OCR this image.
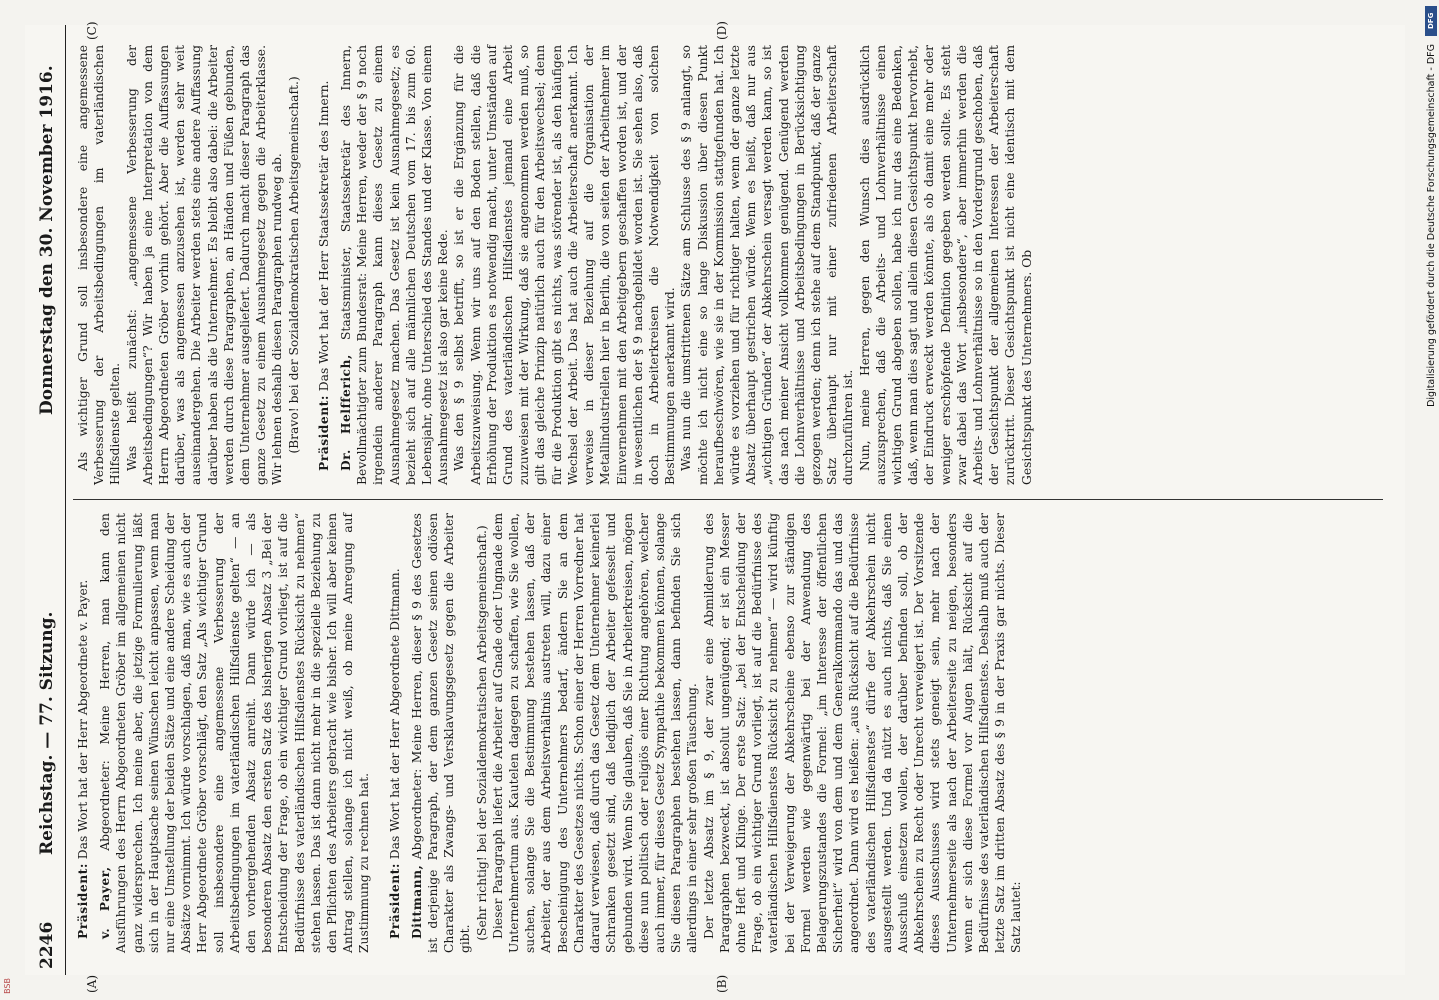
2246
Reichstag. — 77. Sitzung.
Donnerstag den 30. November 1916.
(A)	(B)
(C)	(D)

Präsident: Das Wort hat der Herr Abgeordnete v. Payer.

v. Payer, Abgeordneter: Meine Herren, man kann den Ausführungen des Herrn Abgeordneten Gröber im allgemeinen nicht ganz widersprechen. Ich meine aber, die jetzige Formulierung läßt sich in der Hauptsache seinen Wünschen leicht anpassen, wenn man nur eine Umstellung der beiden Sätze und eine andere Scheidung der Absätze vornimmt. Ich würde vorschlagen, daß man, wie es auch der Herr Abgeordnete Gröber vorschlägt, den Satz „Als wichtiger Grund soll insbesondere eine angemessene Verbesserung der Arbeitsbedingungen im vaterländischen Hilfsdienste gelten“ — an den vorhergehenden Absatz anreiht. Dann würde ich — als besonderen Absatz den ersten Satz des bisherigen Absatz 3 „Bei der Entscheidung der Frage, ob ein wichtiger Grund vorliegt, ist auf die Bedürfnisse des vaterländischen Hilfsdienstes Rücksicht zu nehmen“ stehen lassen. Das ist dann nicht mehr in die spezielle Beziehung zu den Pflichten des Arbeiters gebracht wie bisher. Ich will aber keinen Antrag stellen, solange ich nicht weiß, ob meine Anregung auf Zustimmung zu rechnen hat. Präsident: Das Wort hat der Herr Abgeordnete Dittmann.

Dittmann, Abgeordneter: Meine Herren, dieser § 9 des Gesetzes ist derjenige Paragraph, der dem ganzen Gesetz seinen odiösen Charakter als Zwangs- und Versklavungsgesetz gegen die Arbeiter gibt. (Sehr richtig! bei der Sozialdemokratischen Arbeitsgemeinschaft.) Dieser Paragraph liefert die Arbeiter auf Gnade oder Ungnade dem Unternehmertum aus. Kautelen dagegen zu schaffen, wie Sie wollen, suchen, solange Sie die Bestimmung bestehen lassen, daß der Arbeiter, der aus dem Arbeitsverhältnis austreten will, dazu einer Bescheinigung des Unternehmers bedarf, ändern Sie an dem Charakter des Gesetzes nichts. Schon einer der Herren Vorredner hat darauf verwiesen, daß durch das Gesetz dem Unternehmer keinerlei Schranken gesetzt sind, daß lediglich der Arbeiter gefesselt und gebunden wird. Wenn Sie glauben, daß Sie in Arbeiterkreisen, mögen diese nun politisch oder religiös einer Richtung angehören, welcher auch immer, für dieses Gesetz Sympathie bekommen können, solange Sie diesen Paragraphen bestehen lassen, dann befinden Sie sich allerdings in einer sehr großen Täuschung. Der letzte Absatz im § 9, der zwar eine Abmilderung des Paragraphen bezweckt, ist absolut ungenügend; er ist ein Messer ohne Heft und Klinge. Der erste Satz: „bei der Entscheidung der Frage, ob ein wichtiger Grund vorliegt, ist auf die Bedürfnisse des vaterländischen Hilfsdienstes Rücksicht zu nehmen“ — wird künftig bei der Verweigerung der Abkehrscheine ebenso zur ständigen Formel werden wie gegenwärtig bei der Anwendung des Belagerungszustandes die Formel: „im Interesse der öffentlichen Sicherheit“ wird von dem und dem Generalkommando das und das angeordnet. Dann wird es heißen: „aus Rücksicht auf die Bedürfnisse des vaterländischen Hilfsdienstes“ dürfe der Abkehrschein nicht ausgestellt werden. Und da nützt es auch nichts, daß Sie einen Ausschuß einsetzen wollen, der darüber befinden soll, ob der Abkehrschein zu Recht oder Unrecht verweigert ist. Der Vorsitzende dieses Ausschusses wird stets geneigt sein, mehr nach der Unternehmerseite als nach der Arbeiterseite zu neigen, besonders wenn er sich diese Formel vor Augen hält, Rücksicht auf die Bedürfnisse des vaterländischen Hilfsdienstes. Deshalb muß auch der letzte Satz im dritten Absatz des § 9 in der Praxis gar nichts. Dieser Satz lautet:

Als wichtiger Grund soll insbesondere eine angemessene Verbesserung der Arbeitsbedingungen im vaterländischen Hilfsdienste gelten. Was heißt zunächst: „angemessene Verbesserung der Arbeitsbedingungen“? Wir haben ja eine Interpretation von dem Herrn Abgeordneten Gröber vorhin gehört. Aber die Auffassungen darüber, was als angemessen anzusehen ist, werden sehr weit auseinandergehen. Die Arbeiter werden stets eine andere Auffassung darüber haben als die Unternehmer. Es bleibt also dabei: die Arbeiter werden durch diese Paragraphen, an Händen und Füßen gebunden, dem Unternehmer ausgeliefert. Dadurch macht dieser Paragraph das ganze Gesetz zu einem Ausnahmegesetz gegen die Arbeiterklasse. Wir lehnen deshalb diesen Paragraphen rundweg ab. (Bravo! bei der Sozialdemokratischen Arbeitsgemeinschaft.) Präsident: Das Wort hat der Herr Staatssekretär des Innern.

Dr. Helfferich, Staatsminister, Staatssekretär des Innern, Bevollmächtigter zum Bundesrat: Meine Herren, weder der § 9 noch irgendein anderer Paragraph kann dieses Gesetz zu einem Ausnahmegesetz machen. Das Gesetz ist kein Ausnahmegesetz; es bezieht sich auf alle männlichen Deutschen vom 17. bis zum 60. Lebensjahr, ohne Unterschied des Standes und der Klasse. Von einem Ausnahmegesetz ist also gar keine Rede. Was den § 9 selbst betrifft, so ist er die Ergänzung für die Arbeitszuweisung. Wenn wir uns auf den Boden stellen, daß die Erhöhung der Produktion es notwendig macht, unter Umständen auf Grund des vaterländischen Hilfsdienstes jemand eine Arbeit zuzuweisen mit der Wirkung, daß sie angenommen werden muß, so gilt das gleiche Prinzip natürlich auch für den Arbeitswechsel; denn für die Produktion gibt es nichts, was störender ist, als den häufigen Wechsel der Arbeit. Das hat auch die Arbeiterschaft anerkannt. Ich verweise in dieser Beziehung auf die Organisation der Metallindustriellen hier in Berlin, die von seiten der Arbeitnehmer im Einvernehmen mit den Arbeitgebern geschaffen worden ist, und der in wesentlichen der § 9 nachgebildet worden ist. Sie sehen also, daß doch in Arbeiterkreisen die Notwendigkeit von solchen Bestimmungen anerkannt wird. Was nun die umstrittenen Sätze am Schlusse des § 9 anlangt, so möchte ich nicht eine so lange Diskussion über diesen Punkt heraufbeschwören, wie sie in der Kommission stattgefunden hat. Ich würde es vorziehen und für richtiger halten, wenn der ganze letzte Absatz überhaupt gestrichen würde. Wenn es heißt, daß nur aus „wichtigen Gründen“ der Abkehrschein versagt werden kann, so ist das nach meiner Ansicht vollkommen genügend. Genügend werden die Lohnverhältnisse und Arbeitsbedingungen in Berücksichtigung gezogen werden; denn ich stehe auf dem Standpunkt, daß der ganze Satz überhaupt nur mit einer zufriedenen Arbeiterschaft durchzuführen ist. Nun, meine Herren, gegen den Wunsch dies ausdrücklich auszusprechen, daß die Arbeits- und Lohnverhältnisse einen wichtigen Grund abgeben sollen, habe ich nur das eine Bedenken, daß, wenn man dies sagt und allein diesen Gesichtspunkt hervorhebt, der Eindruck erweckt werden könnte, als ob damit eine mehr oder weniger erschöpfende Definition gegeben werden sollte. Es steht zwar dabei das Wort „insbesondere“, aber immerhin werden die Arbeits- und Lohnverhältnisse so in den Vordergrund geschoben, daß der Gesichtspunkt der allgemeinen Interessen der Arbeiterschaft zurücktritt. Dieser Gesichtspunkt ist nicht eine identisch mit dem Gesichtspunkt des Unternehmers. Ob

DFG
Digitalisierung gefördert durch die Deutsche Forschungsgemeinschaft - DFG
BSB
